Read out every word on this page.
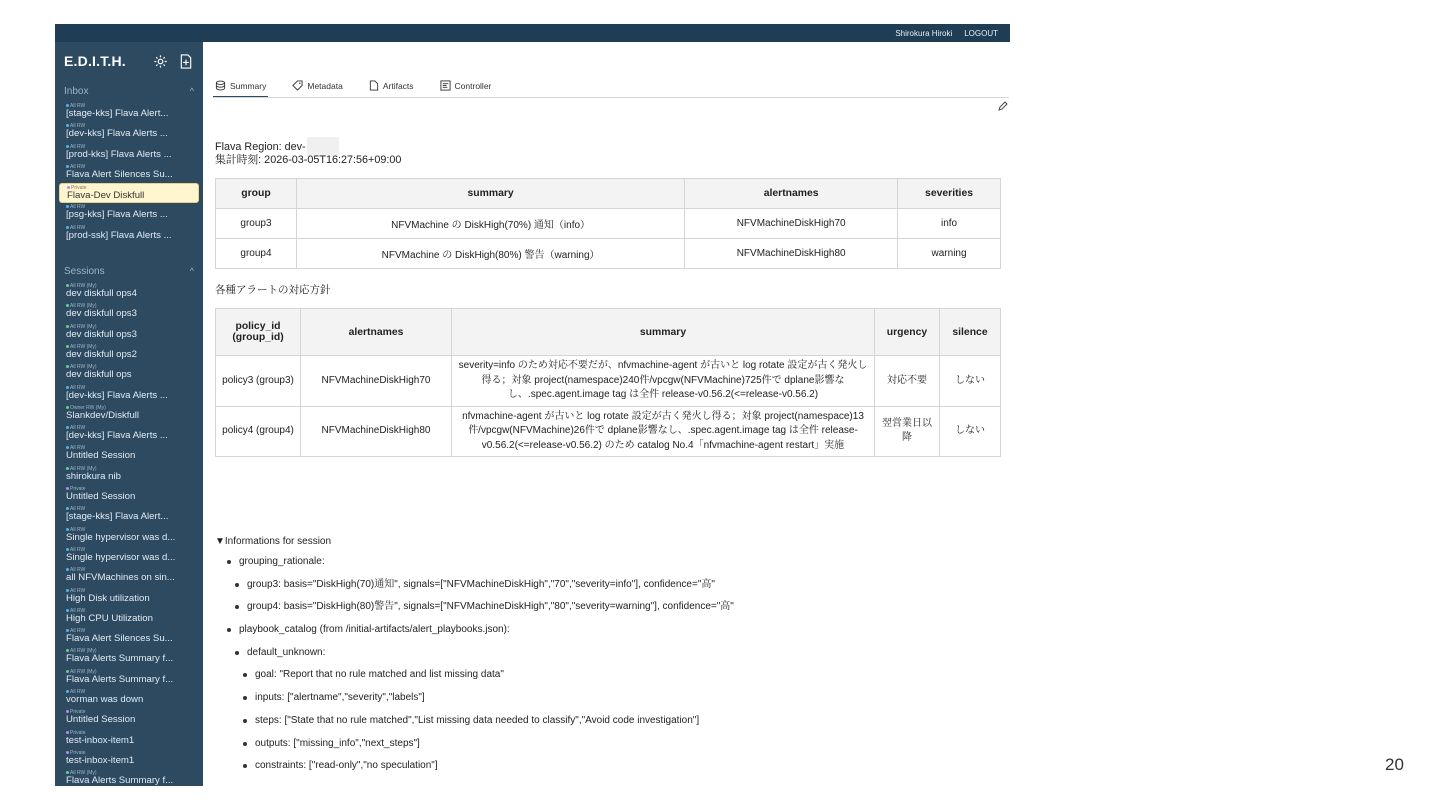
Shirokura Hiroki LOGOUT
E.D.I.T.H.
Inbox	^
All RW
[stage-kks] Flava Alert...
All RW
[dev-kks] Flava Alerts ...
All RW
[prod-kks] Flava Alerts ...
All RW
Flava Alert Silences Su...
Private
Flava-Dev Diskfull
All RW
[psg-kks] Flava Alerts ...
All RW
[prod-ssk] Flava Alerts ...
Sessions	^
All RW (My)
dev diskfull ops4
All RW (My)
dev diskfull ops3
All RW (My)
dev diskfull ops3
All RW (My)
dev diskfull ops2
All RW (My)
dev diskfull ops
All RW
[dev-kks] Flava Alerts ...
Owner RW (My)
Slankdev/Diskfull
All RW
[dev-kks] Flava Alerts ...
All RW
Untitled Session
All RW (My)
shirokura nib
Private
Untitled Session
All RW
[stage-kks] Flava Alert...
All RW
Single hypervisor was d...
All RW
Single hypervisor was d...
All RW
all NFVMachines on sin...
All RW
High Disk utilization
All RW
High CPU Utilization
All RW
Flava Alert Silences Su...
All RW (My)
Flava Alerts Summary f...
All RW (My)
Flava Alerts Summary f...
All RW
vorman was down
Private
Untitled Session
Private
test-inbox-item1
Private
test-inbox-item1
All RW (My)
Flava Alerts Summary f...
Summary	Metadata	Artifacts	Controller
Flava Region: dev-
集計時刻: 2026-03-05T16:27:56+09:00
group	summary	alertnames	severities
group3	NFVMachine の DiskHigh(70%) 通知（info）	NFVMachineDiskHigh70	info
group4	NFVMachine の DiskHigh(80%) 警告（warning）	NFVMachineDiskHigh80	warning
各種アラートの対応方針
policy_id (group_id)	alertnames	summary	urgency	silence
policy3 (group3)	NFVMachineDiskHigh70	severity=info のため対応不要だが、nfvmachine-agent が古いと log rotate 設定が古く発火し得る；対象 project(namespace)240件/vpcgw(NFVMachine)725件で dplane影響なし、.spec.agent.image tag は全件 release-v0.56.2(<=release-v0.56.2)	対応不要	しない
policy4 (group4)	NFVMachineDiskHigh80	nfvmachine-agent が古いと log rotate 設定が古く発火し得る；対象 project(namespace)13件/vpcgw(NFVMachine)26件で dplane影響なし、.spec.agent.image tag は全件 release-v0.56.2(<=release-v0.56.2) のため catalog No.4「nfvmachine-agent restart」実施	翌営業日以降	しない
▼Informations for session
grouping_rationale:
group3: basis="DiskHigh(70)通知", signals=["NFVMachineDiskHigh","70","severity=info"], confidence="高"
group4: basis="DiskHigh(80)警告", signals=["NFVMachineDiskHigh","80","severity=warning"], confidence="高"
playbook_catalog (from /initial-artifacts/alert_playbooks.json):
default_unknown:
goal: "Report that no rule matched and list missing data"
inputs: ["alertname","severity","labels"]
steps: ["State that no rule matched","List missing data needed to classify","Avoid code investigation"]
outputs: ["missing_info","next_steps"]
constraints: ["read-only","no speculation"]	20
